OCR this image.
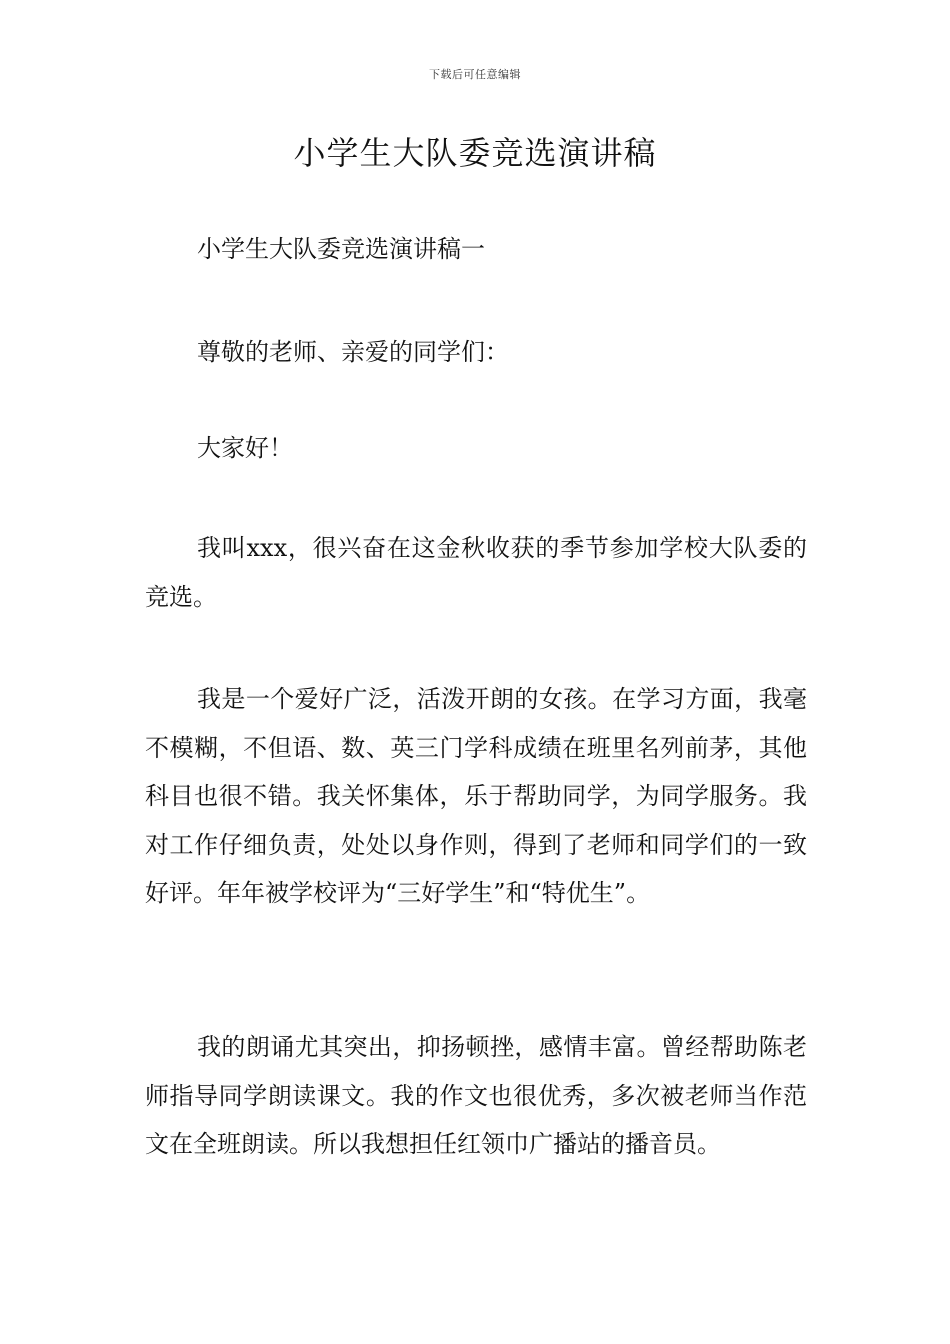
下载后可任意编辑
小学生大队委竞选演讲稿

小学生大队委竞选演讲稿一

尊敬的老师、亲爱的同学们：

大家好！

我叫xxx，很兴奋在这金秋收获的季节参加学校大队委的竞选。

我是一个爱好广泛，活泼开朗的女孩。在学习方面，我毫不模糊，不但语、数、英三门学科成绩在班里名列前茅，其他科目也很不错。我关怀集体，乐于帮助同学，为同学服务。我对工作仔细负责，处处以身作则，得到了老师和同学们的一致好评。年年被学校评为“三好学生”和“特优生”。

我的朗诵尤其突出，抑扬顿挫，感情丰富。曾经帮助陈老师指导同学朗读课文。我的作文也很优秀，多次被老师当作范文在全班朗读。所以我想担任红领巾广播站的播音员。
